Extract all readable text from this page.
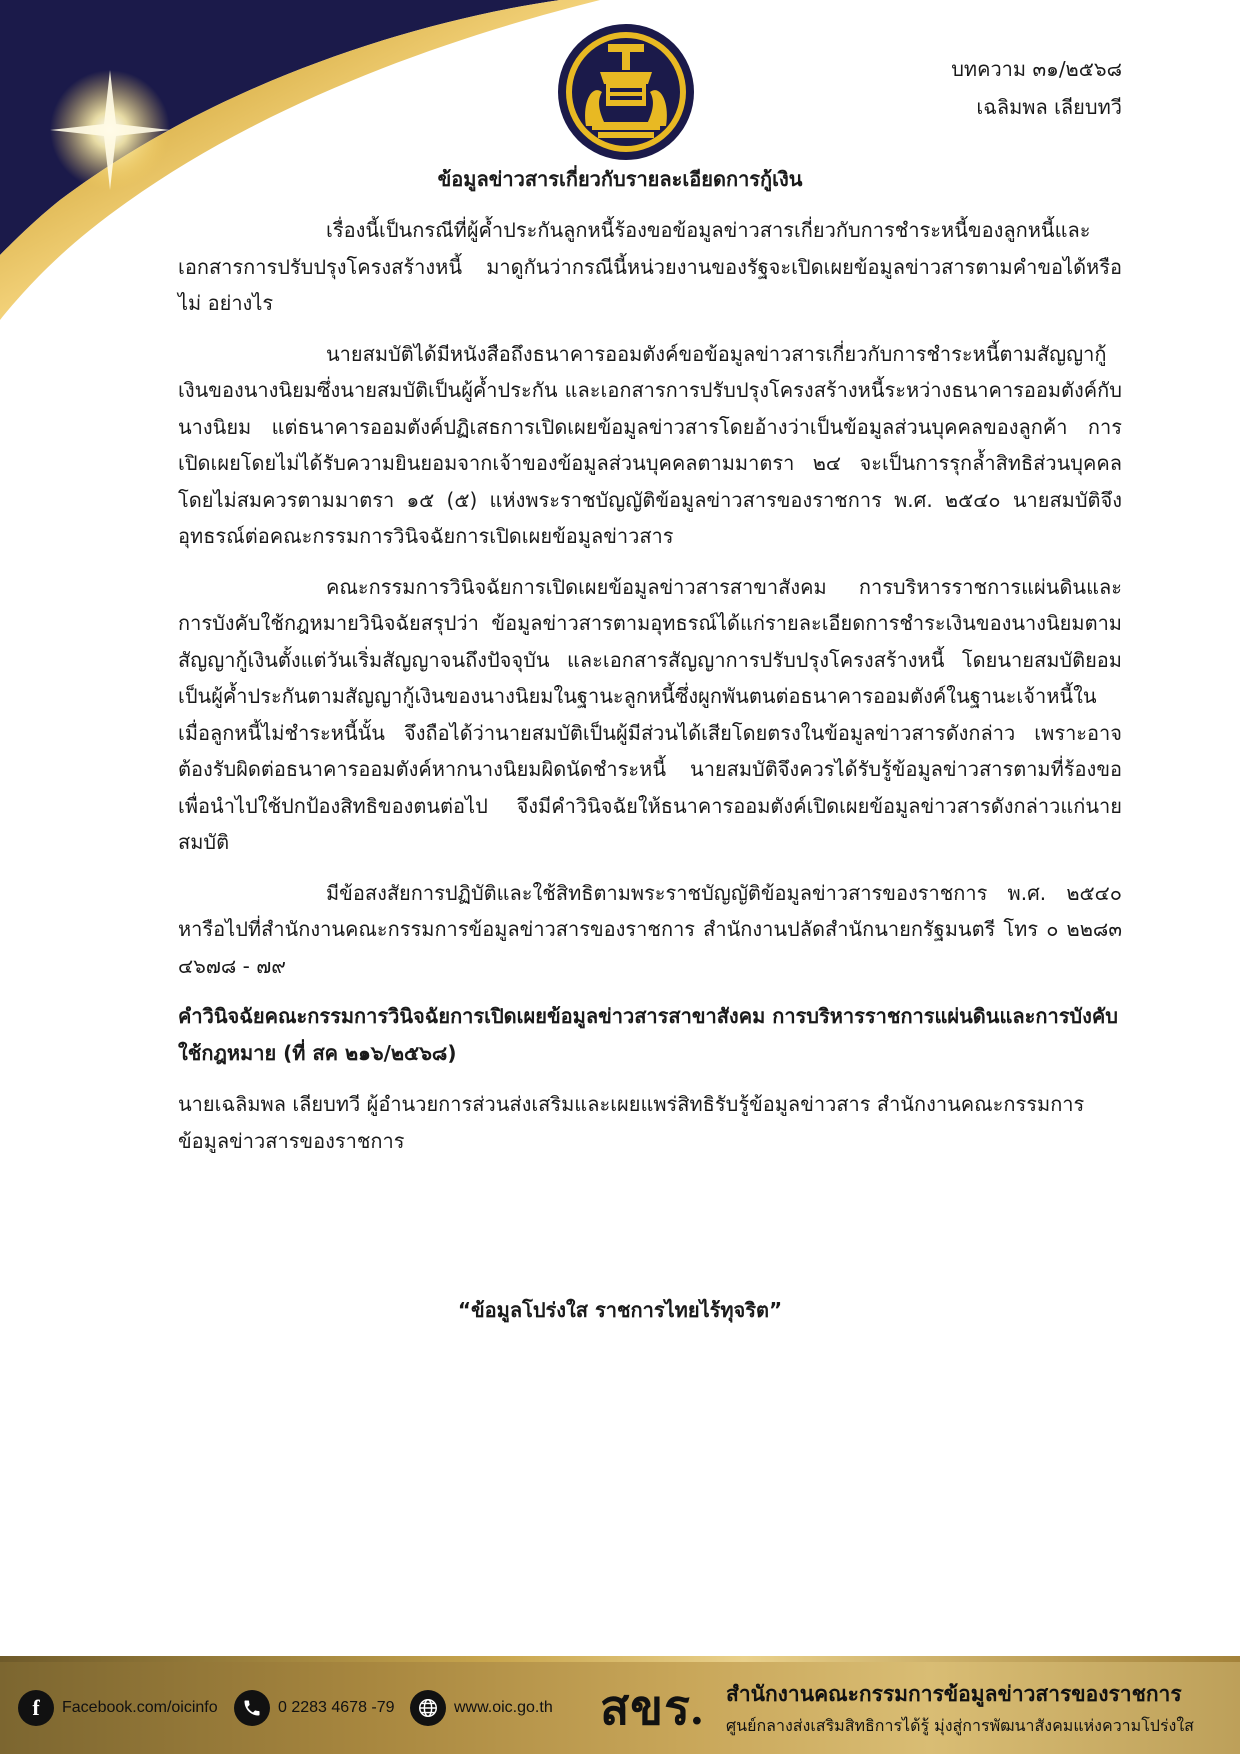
บทความ ๓๑/๒๕๖๘
เฉลิมพล เลียบทวี
ข้อมูลข่าวสารเกี่ยวกับรายละเอียดการกู้เงิน

เรื่องนี้เป็นกรณีที่ผู้ค้ำประกันลูกหนี้ร้องขอข้อมูลข่าวสารเกี่ยวกับการชำระหนี้ของลูกหนี้และเอกสารการปรับปรุงโครงสร้างหนี้ มาดูกันว่ากรณีนี้หน่วยงานของรัฐจะเปิดเผยข้อมูลข่าวสารตามคำขอได้หรือไม่ อย่างไร

นายสมบัติได้มีหนังสือถึงธนาคารออมตังค์ขอข้อมูลข่าวสารเกี่ยวกับการชำระหนี้ตามสัญญากู้เงินของนางนิยมซึ่งนายสมบัติเป็นผู้ค้ำประกัน และเอกสารการปรับปรุงโครงสร้างหนี้ระหว่างธนาคารออมตังค์กับนางนิยม แต่ธนาคารออมตังค์ปฏิเสธการเปิดเผยข้อมูลข่าวสารโดยอ้างว่าเป็นข้อมูลส่วนบุคคลของลูกค้า การเปิดเผยโดยไม่ได้รับความยินยอมจากเจ้าของข้อมูลส่วนบุคคลตามมาตรา ๒๔ จะเป็นการรุกล้ำสิทธิส่วนบุคคลโดยไม่สมควรตามมาตรา ๑๕ (๕) แห่งพระราชบัญญัติข้อมูลข่าวสารของราชการ พ.ศ. ๒๕๔๐ นายสมบัติจึงอุทธรณ์ต่อคณะกรรมการวินิจฉัยการเปิดเผยข้อมูลข่าวสาร

คณะกรรมการวินิจฉัยการเปิดเผยข้อมูลข่าวสารสาขาสังคม การบริหารราชการแผ่นดินและการบังคับใช้กฎหมายวินิจฉัยสรุปว่า ข้อมูลข่าวสารตามอุทธรณ์ได้แก่รายละเอียดการชำระเงินของนางนิยมตามสัญญากู้เงินตั้งแต่วันเริ่มสัญญาจนถึงปัจจุบัน และเอกสารสัญญาการปรับปรุงโครงสร้างหนี้ โดยนายสมบัติยอมเป็นผู้ค้ำประกันตามสัญญากู้เงินของนางนิยมในฐานะลูกหนี้ซึ่งผูกพันตนต่อธนาคารออมตังค์ในฐานะเจ้าหนี้ในเมื่อลูกหนี้ไม่ชำระหนี้นั้น จึงถือได้ว่านายสมบัติเป็นผู้มีส่วนได้เสียโดยตรงในข้อมูลข่าวสารดังกล่าว เพราะอาจต้องรับผิดต่อธนาคารออมตังค์หากนางนิยมผิดนัดชำระหนี้ นายสมบัติจึงควรได้รับรู้ข้อมูลข่าวสารตามที่ร้องขอเพื่อนำไปใช้ปกป้องสิทธิของตนต่อไป จึงมีคำวินิจฉัยให้ธนาคารออมตังค์เปิดเผยข้อมูลข่าวสารดังกล่าวแก่นายสมบัติ

มีข้อสงสัยการปฏิบัติและใช้สิทธิตามพระราชบัญญัติข้อมูลข่าวสารของราชการ พ.ศ. ๒๕๔๐ หารือไปที่สำนักงานคณะกรรมการข้อมูลข่าวสารของราชการ สำนักงานปลัดสำนักนายกรัฐมนตรี โทร ๐ ๒๒๘๓ ๔๖๗๘ - ๗๙

คำวินิจฉัยคณะกรรมการวินิจฉัยการเปิดเผยข้อมูลข่าวสารสาขาสังคม การบริหารราชการแผ่นดินและการบังคับใช้กฎหมาย (ที่ สค ๒๑๖/๒๕๖๘)

นายเฉลิมพล เลียบทวี ผู้อำนวยการส่วนส่งเสริมและเผยแพร่สิทธิรับรู้ข้อมูลข่าวสาร สำนักงานคณะกรรมการข้อมูลข่าวสารของราชการ

“ข้อมูลโปร่งใส ราชการไทยไร้ทุจริต”
f	Facebook.com/oicinfo	0 2283 4678 -79	www.oic.go.th สขร. สำนักงานคณะกรรมการข้อมูลข่าวสารของราชการ
ศูนย์กลางส่งเสริมสิทธิการได้รู้ มุ่งสู่การพัฒนาสังคมแห่งความโปร่งใส
